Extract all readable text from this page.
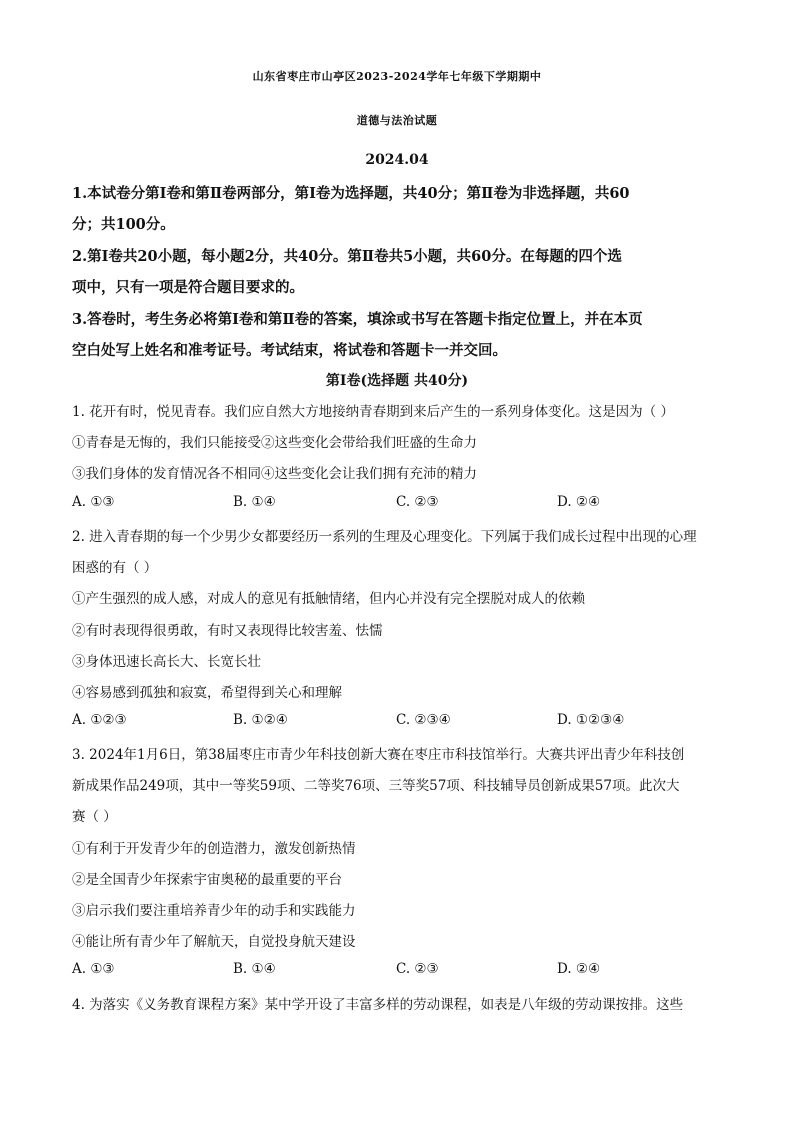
山东省枣庄市山亭区2023-2024学年七年级下学期期中
道德与法治试题
2024.04
1.本试卷分第Ⅰ卷和第Ⅱ卷两部分，第Ⅰ卷为选择题，共40分；第Ⅱ卷为非选择题，共60
分；共100分。
2.第Ⅰ卷共20小题，每小题2分，共40分。第Ⅱ卷共5小题，共60分。在每题的四个选
项中，只有一项是符合题目要求的。
3.答卷时，考生务必将第Ⅰ卷和第Ⅱ卷的答案，填涂或书写在答题卡指定位置上，并在本页
空白处写上姓名和准考证号。考试结束，将试卷和答题卡一并交回。
第Ⅰ卷(选择题 共40分)
1. 花开有时，悦见青春。我们应自然大方地接纳青春期到来后产生的一系列身体变化。这是因为（ ）
①青春是无悔的，我们只能接受②这些变化会带给我们旺盛的生命力
③我们身体的发育情况各不相同④这些变化会让我们拥有充沛的精力
A. ①③	B. ①④	C. ②③	D. ②④
2. 进入青春期的每一个少男少女都要经历一系列的生理及心理变化。下列属于我们成长过程中出现的心理
困惑的有（ ）
①产生强烈的成人感，对成人的意见有抵触情绪，但内心并没有完全摆脱对成人的依赖
②有时表现得很勇敢，有时又表现得比较害羞、怯懦
③身体迅速长高长大、长宽长壮
④容易感到孤独和寂寞，希望得到关心和理解
A. ①②③	B. ①②④	C. ②③④	D. ①②③④
3. 2024年1月6日，第38届枣庄市青少年科技创新大赛在枣庄市科技馆举行。大赛共评出青少年科技创
新成果作品249项，其中一等奖59项、二等奖76项、三等奖57项、科技辅导员创新成果57项。此次大
赛（ ）
①有利于开发青少年的创造潜力，激发创新热情
②是全国青少年探索宇宙奥秘的最重要的平台
③启示我们要注重培养青少年的动手和实践能力
④能让所有青少年了解航天，自觉投身航天建设
A. ①③	B. ①④	C. ②③	D. ②④
4. 为落实《义务教育课程方案》某中学开设了丰富多样的劳动课程，如表是八年级的劳动课按排。这些
